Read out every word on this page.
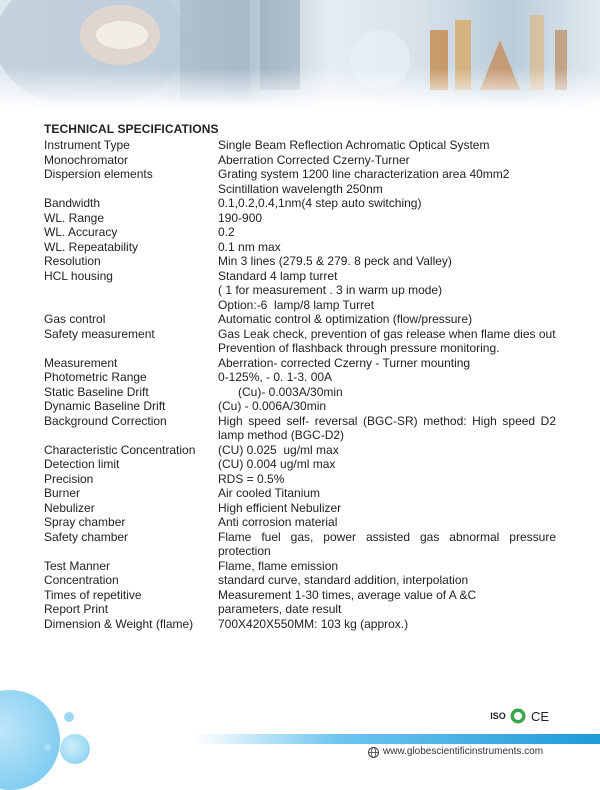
TECHNICAL SPECIFICATIONS
Instrument Type	Single Beam Reflection Achromatic Optical System
Monochromator	Aberration Corrected Czerny-Turner
Dispersion elements	Grating system 1200 line characterization area 40mm2
Scintillation wavelength 250nm
Bandwidth	0.1,0.2,0.4,1nm(4 step auto switching)
WL. Range	190-900
WL. Accuracy	0.2
WL. Repeatability	0.1 nm max
Resolution	Min 3 lines (279.5 & 279. 8 peck and Valley)
HCL housing	Standard 4 lamp turret
( 1 for measurement . 3 in warm up mode)
Option:-6  lamp/8 lamp Turret
Gas control	Automatic control & optimization (flow/pressure)
Safety measurement	Gas Leak check, prevention of gas release when flame dies out
Prevention of flashback through pressure monitoring.
Measurement	Aberration- corrected Czerny - Turner mounting
Photometric Range	0-125%, - 0. 1-3. 00A
Static Baseline Drift	(Cu)- 0.003A/30min
Dynamic Baseline Drift	(Cu) - 0.006A/30min
Background Correction	High speed self- reversal (BGC-SR) method: High speed D2 lamp method (BGC-D2)
Characteristic Concentration	(CU) 0.025  ug/ml max
Detection limit	(CU) 0.004 ug/ml max
Precision	RDS = 0.5%
Burner	Air cooled Titanium
Nebulizer	High efficient Nebulizer
Spray chamber	Anti corrosion material
Safety chamber	Flame fuel gas, power assisted gas abnormal pressure protection
Test Manner	Flame, flame emission
Concentration	standard curve, standard addition, interpolation
Times of repetitive	Measurement 1-30 times, average value of A &C
Report Print	parameters, date result
Dimension & Weight (flame)	700X420X550MM: 103 kg (approx.)
ISO CE
www.globescientificinstruments.com
